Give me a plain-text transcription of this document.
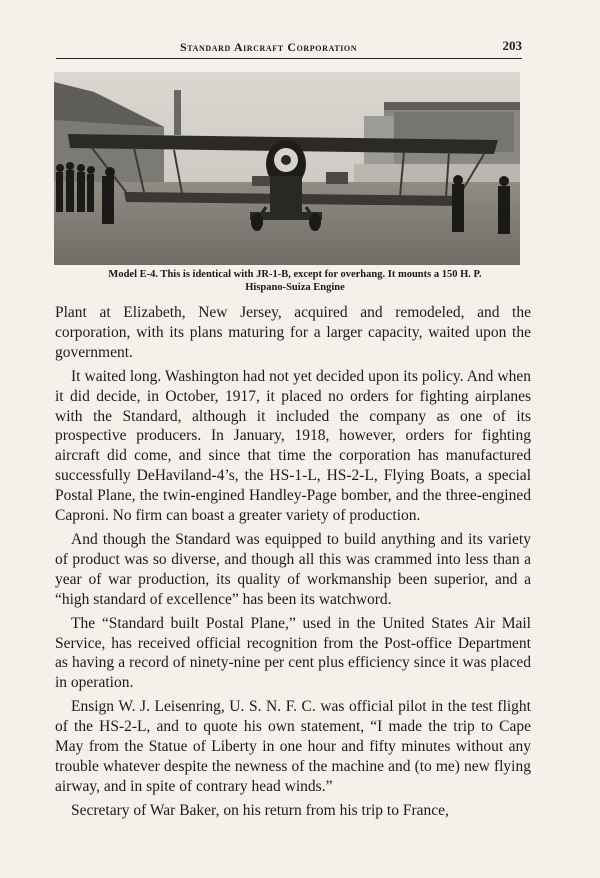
Standard Aircraft Corporation	203
Model E-4. This is identical with JR-1-B, except for overhang. It mounts a 150 H. P.
Hispano-Suiza Engine

Plant at Elizabeth, New Jersey, acquired and remodeled, and the corporation, with its plans maturing for a larger capacity, waited upon the government.

It waited long. Washington had not yet decided upon its policy. And when it did decide, in October, 1917, it placed no orders for fighting airplanes with the Standard, although it included the company as one of its prospective producers. In January, 1918, however, orders for fighting aircraft did come, and since that time the corporation has manufactured successfully DeHaviland-4’s, the HS-1-L, HS-2-L, Flying Boats, a special Postal Plane, the twin-engined Handley-Page bomber, and the three-engined Caproni. No firm can boast a greater variety of production.

And though the Standard was equipped to build anything and its variety of product was so diverse, and though all this was crammed into less than a year of war production, its quality of workmanship been superior, and a “high standard of excellence” has been its watchword.

The “Standard built Postal Plane,” used in the United States Air Mail Service, has received official recognition from the Post-office Department as having a record of ninety-nine per cent plus efficiency since it was placed in operation.

Ensign W. J. Leisenring, U. S. N. F. C. was official pilot in the test flight of the HS-2-L, and to quote his own statement, “I made the trip to Cape May from the Statue of Liberty in one hour and fifty minutes without any trouble whatever despite the newness of the machine and (to me) new flying airway, and in spite of contrary head winds.”

Secretary of War Baker, on his return from his trip to France,
